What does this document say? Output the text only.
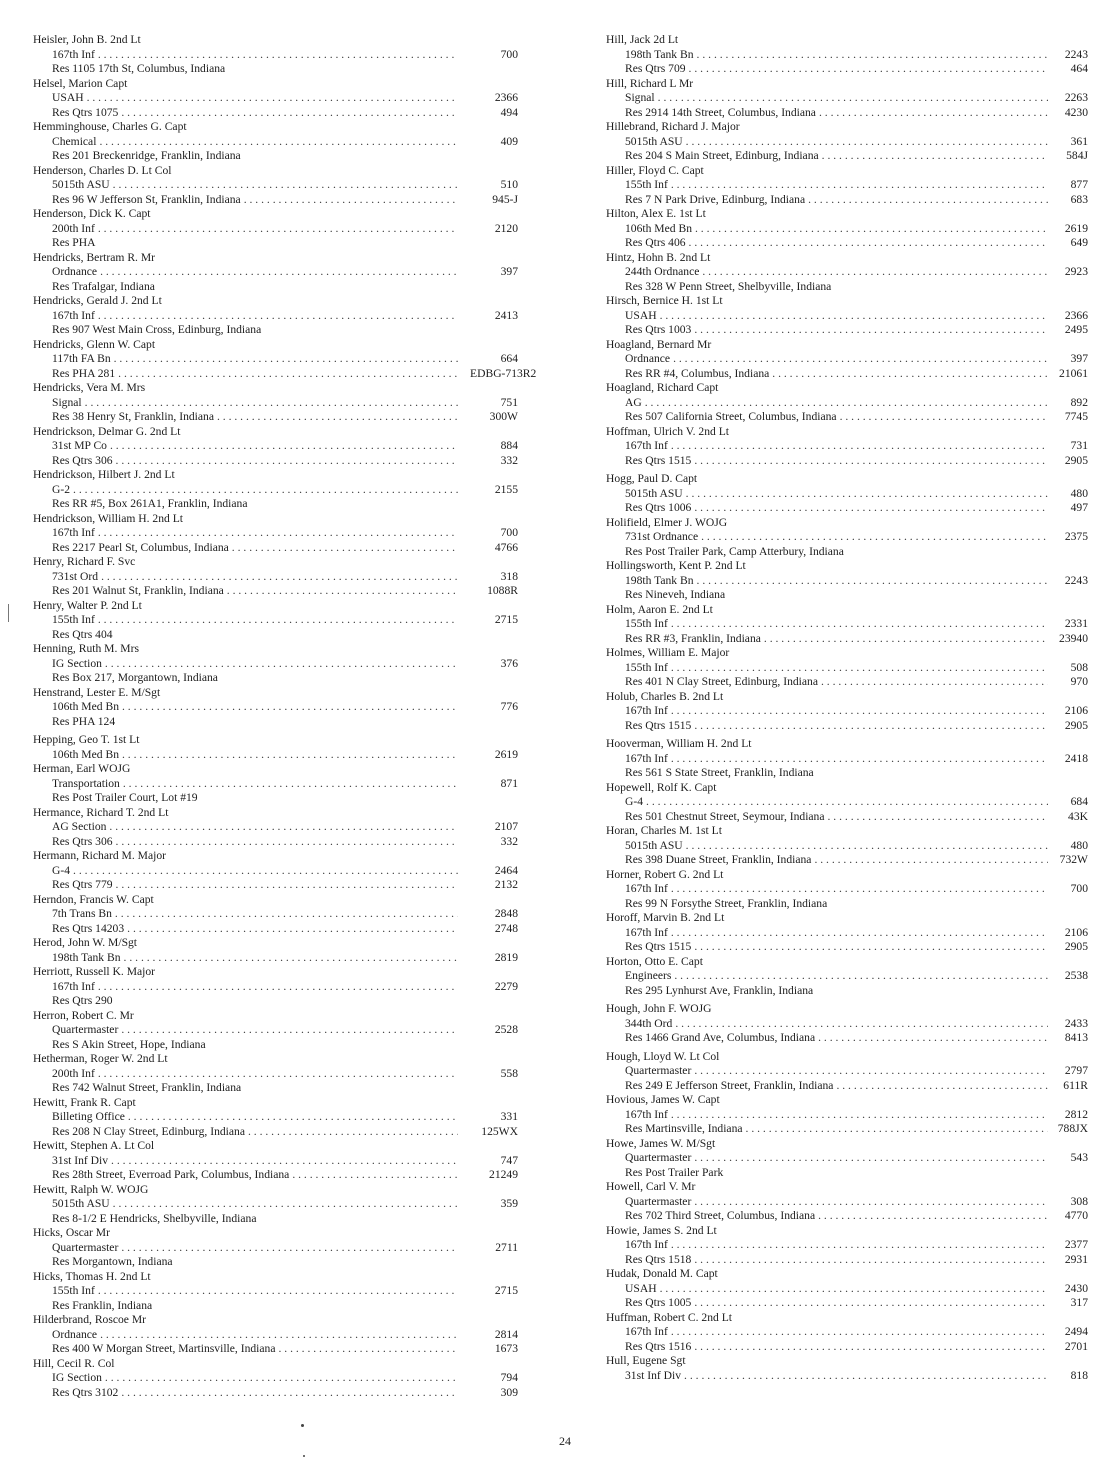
Heisler, John B. 2nd Lt
167th Inf . . .	700
Res 1105 17th St, Columbus, Indiana
Helsel, Marion Capt
USAH . . .	2366
Res Qtrs 1075 . . .	494
Hemminghouse, Charles G. Capt
Chemical . . .	409
Res 201 Breckenridge, Franklin, Indiana
Henderson, Charles D. Lt Col
5015th ASU . . .	510
Res 96 W Jefferson St, Franklin, Indiana . . .	945-J
Henderson, Dick K. Capt
200th Inf . . .	2120
Res PHA
Hendricks, Bertram R. Mr
Ordnance . . .	397
Res Trafalgar, Indiana
Hendricks, Gerald J. 2nd Lt
167th Inf . . .	2413
Res 907 West Main Cross, Edinburg, Indiana
Hendricks, Glenn W. Capt
117th FA Bn . . .	664
Res PHA 281 . . .	EDBG-713R2
Hendricks, Vera M. Mrs
Signal . . .	751
Res 38 Henry St, Franklin, Indiana . . .	300W
Hendrickson, Delmar G. 2nd Lt
31st MP Co . . .	884
Res Qtrs 306 . . .	332
Hendrickson, Hilbert J. 2nd Lt
G-2 . . .	2155
Res RR #5, Box 261A1, Franklin, Indiana
Hendrickson, William H. 2nd Lt
167th Inf . . .	700
Res 2217 Pearl St, Columbus, Indiana . . .	4766
Henry, Richard F. Svc
731st Ord . . .	318
Res 201 Walnut St, Franklin, Indiana . . .	1088R
Henry, Walter P. 2nd Lt
155th Inf . . .	2715
Res Qtrs 404
Henning, Ruth M. Mrs
IG Section . . .	376
Res Box 217, Morgantown, Indiana
Henstrand, Lester E. M/Sgt
106th Med Bn . . .	776
Res PHA 124
Hepping, Geo T. 1st Lt
106th Med Bn . . .	2619
Herman, Earl WOJG
Transportation . . .	871
Res Post Trailer Court, Lot #19
Hermance, Richard T. 2nd Lt
AG Section . . .	2107
Res Qtrs 306 . . .	332
Hermann, Richard M. Major
G-4 . . .	2464
Res Qtrs 779 . . .	2132
Herndon, Francis W. Capt
7th Trans Bn . . .	2848
Res Qtrs 14203 . . .	2748
Herod, John W. M/Sgt
198th Tank Bn . . .	2819
Herriott, Russell K. Major
167th Inf . . .	2279
Res Qtrs 290
Herron, Robert C. Mr
Quartermaster . . .	2528
Res S Akin Street, Hope, Indiana
Hetherman, Roger W. 2nd Lt
200th Inf . . .	558
Res 742 Walnut Street, Franklin, Indiana
Hewitt, Frank R. Capt
Billeting Office . . .	331
Res 208 N Clay Street, Edinburg, Indiana . . .	125WX
Hewitt, Stephen A. Lt Col
31st Inf Div . . .	747
Res 28th Street, Everroad Park, Columbus, Indiana . . .	21249
Hewitt, Ralph W. WOJG
5015th ASU . . .	359
Res 8-1/2 E Hendricks, Shelbyville, Indiana
Hicks, Oscar Mr
Quartermaster . . .	2711
Res Morgantown, Indiana
Hicks, Thomas H. 2nd Lt
155th Inf . . .	2715
Res Franklin, Indiana
Hilderbrand, Roscoe Mr
Ordnance . . .	2814
Res 400 W Morgan Street, Martinsville, Indiana . . .	1673
Hill, Cecil R. Col
IG Section . . .	794
Res Qtrs 3102 . . .	309
Hill, Jack 2d Lt
198th Tank Bn . . .	2243
Res Qtrs 709 . . .	464
Hill, Richard L Mr
Signal . . .	2263
Res 2914 14th Street, Columbus, Indiana . . .	4230
Hillebrand, Richard J. Major
5015th ASU . . .	361
Res 204 S Main Street, Edinburg, Indiana . . .	584J
Hiller, Floyd C. Capt
155th Inf . . .	877
Res 7 N Park Drive, Edinburg, Indiana . . .	683
Hilton, Alex E. 1st Lt
106th Med Bn . . .	2619
Res Qtrs 406 . . .	649
Hintz, Hohn B. 2nd Lt
244th Ordnance . . .	2923
Res 328 W Penn Street, Shelbyville, Indiana
Hirsch, Bernice H. 1st Lt
USAH . . .	2366
Res Qtrs 1003 . . .	2495
Hoagland, Bernard Mr
Ordnance . . .	397
Res RR #4, Columbus, Indiana . . .	21061
Hoagland, Richard Capt
AG . . .	892
Res 507 California Street, Columbus, Indiana . . .	7745
Hoffman, Ulrich V. 2nd Lt
167th Inf . . .	731
Res Qtrs 1515 . . .	2905
Hogg, Paul D. Capt
5015th ASU . . .	480
Res Qtrs 1006 . . .	497
Holifield, Elmer J. WOJG
731st Ordnance . . .	2375
Res Post Trailer Park, Camp Atterbury, Indiana
Hollingsworth, Kent P. 2nd Lt
198th Tank Bn . . .	2243
Res Nineveh, Indiana
Holm, Aaron E. 2nd Lt
155th Inf . . .	2331
Res RR #3, Franklin, Indiana . . .	23940
Holmes, William E. Major
155th Inf . . .	508
Res 401 N Clay Street, Edinburg, Indiana . . .	970
Holub, Charles B. 2nd Lt
167th Inf . . .	2106
Res Qtrs 1515 . . .	2905
Hooverman, William H. 2nd Lt
167th Inf . . .	2418
Res 561 S State Street, Franklin, Indiana
Hopewell, Rolf K. Capt
G-4 . . .	684
Res 501 Chestnut Street, Seymour, Indiana . . .	43K
Horan, Charles M. 1st Lt
5015th ASU . . .	480
Res 398 Duane Street, Franklin, Indiana . . .	732W
Horner, Robert G. 2nd Lt
167th Inf . . .	700
Res 99 N Forsythe Street, Franklin, Indiana
Horoff, Marvin B. 2nd Lt
167th Inf . . .	2106
Res Qtrs 1515 . . .	2905
Horton, Otto E. Capt
Engineers . . .	2538
Res 295 Lynhurst Ave, Franklin, Indiana
Hough, John F. WOJG
344th Ord . . .	2433
Res 1466 Grand Ave, Columbus, Indiana . . .	8413
Hough, Lloyd W. Lt Col
Quartermaster . . .	2797
Res 249 E Jefferson Street, Franklin, Indiana . . .	611R
Hovious, James W. Capt
167th Inf . . .	2812
Res Martinsville, Indiana . . .	788JX
Howe, James W. M/Sgt
Quartermaster . . .	543
Res Post Trailer Park
Howell, Carl V. Mr
Quartermaster . . .	308
Res 702 Third Street, Columbus, Indiana . . .	4770
Howie, James S. 2nd Lt
167th Inf . . .	2377
Res Qtrs 1518 . . .	2931
Hudak, Donald M. Capt
USAH . . .	2430
Res Qtrs 1005 . . .	317
Huffman, Robert C. 2nd Lt
167th Inf . . .	2494
Res Qtrs 1516 . . .	2701
Hull, Eugene Sgt
31st Inf Div . . .	818
24
